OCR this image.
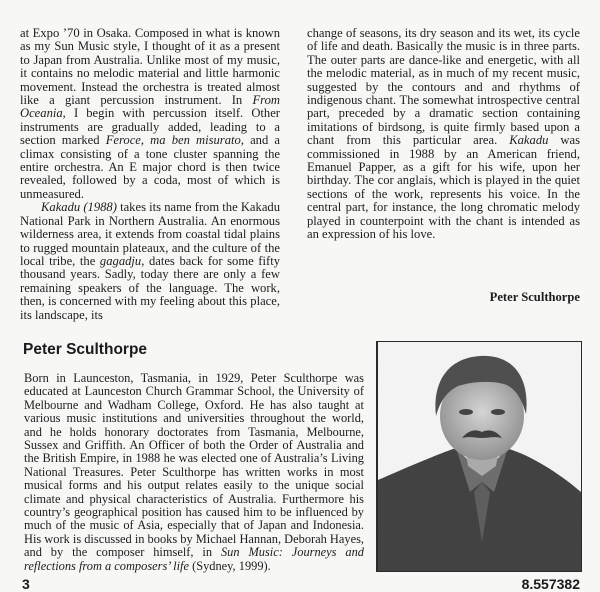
at Expo ’70 in Osaka. Composed in what is known as my Sun Music style, I thought of it as a present to Japan from Australia. Unlike most of my music, it contains no melodic material and little harmonic movement. Instead the orchestra is treated almost like a giant percussion instrument. In From Oceania, I begin with percussion itself. Other instruments are gradually added, leading to a section marked Feroce, ma ben misurato, and a climax consisting of a tone cluster spanning the entire orchestra. An E major chord is then twice revealed, followed by a coda, most of which is unmeasured.

Kakadu (1988) takes its name from the Kakadu National Park in Northern Australia. An enormous wilderness area, it extends from coastal tidal plains to rugged mountain plateaux, and the culture of the local tribe, the gagadju, dates back for some fifty thousand years. Sadly, today there are only a few remaining speakers of the language. The work, then, is concerned with my feeling about this place, its landscape, its

change of seasons, its dry season and its wet, its cycle of life and death. Basically the music is in three parts. The outer parts are dance-like and energetic, with all the melodic material, as in much of my recent music, suggested by the contours and and rhythms of indigenous chant. The somewhat introspective central part, preceded by a dramatic section containing imitations of birdsong, is quite firmly based upon a chant from this particular area. Kakadu was commissioned in 1988 by an American friend, Emanuel Papper, as a gift for his wife, upon her birthday. The cor anglais, which is played in the quiet sections of the work, represents his voice. In the central part, for instance, the long chromatic melody played in counterpoint with the chant is intended as an expression of his love.

Peter Sculthorpe
Peter Sculthorpe

Born in Launceston, Tasmania, in 1929, Peter Sculthorpe was educated at Launceston Church Grammar School, the University of Melbourne and Wadham College, Oxford. He has also taught at various music institutions and universities throughout the world, and he holds honorary doctorates from Tasmania, Melbourne, Sussex and Griffith. An Officer of both the Order of Australia and the British Empire, in 1988 he was elected one of Australia’s Living National Treasures. Peter Sculthorpe has written works in most musical forms and his output relates easily to the unique social climate and physical characteristics of Australia. Furthermore his country’s geographical position has caused him to be influenced by much of the music of Asia, especially that of Japan and Indonesia. His work is discussed in books by Michael Hannan, Deborah Hayes, and by the composer himself, in Sun Music: Journeys and reflections from a composers’ life (Sydney, 1999).

3	8.557382
